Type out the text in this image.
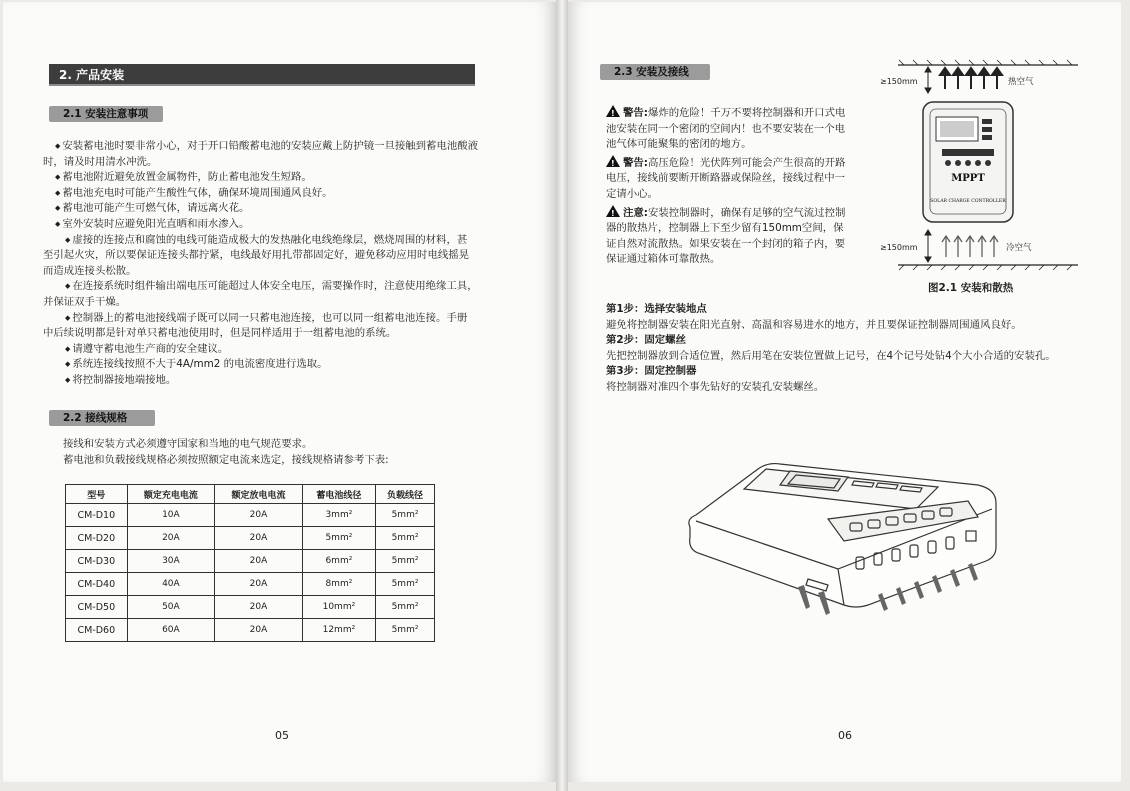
2. 产品安装
2.1 安装注意事项

◆ 安装蓄电池时要非常小心，对于开口铅酸蓄电池的安装应戴上防护镜一旦接触到蓄电池酸液

时，请及时用清水冲洗。

◆ 蓄电池附近避免放置金属物件，防止蓄电池发生短路。

◆ 蓄电池充电时可能产生酸性气体，确保环境周围通风良好。

◆ 蓄电池可能产生可燃气体，请远离火花。

◆ 室外安装时应避免阳光直晒和雨水渗入。

◆ 虚接的连接点和腐蚀的电线可能造成极大的发热融化电线绝缘层，燃烧周围的材料，甚

至引起火灾，所以要保证连接头都拧紧，电线最好用扎带都固定好，避免移动应用时电线摇晃

而造成连接头松散。

◆ 在连接系统时组件输出端电压可能超过人体安全电压，需要操作时，注意使用绝缘工具，

并保证双手干燥。

◆ 控制器上的蓄电池接线端子既可以同一只蓄电池连接，也可以同一组蓄电池连接。手册

中后续说明都是针对单只蓄电池使用时，但是同样适用于一组蓄电池的系统。

◆ 请遵守蓄电池生产商的安全建议。

◆ 系统连接线按照不大于4A/mm2 的电流密度进行选取。

◆ 将控制器接地端接地。

2.2 接线规格

接线和安装方式必须遵守国家和当地的电气规范要求。

蓄电池和负载接线规格必须按照额定电流来选定，接线规格请参考下表:

型号	额定充电电流	额定放电电流	蓄电池线径	负载线径
CM-D10	10A	20A	3mm²	5mm²
CM-D20	20A	20A	5mm²	5mm²
CM-D30	30A	20A	6mm²	5mm²
CM-D40	40A	20A	8mm²	5mm²
CM-D50	50A	20A	10mm²	5mm²
CM-D60	60A	20A	12mm²	5mm²
05
2.3 安装及接线

!警告:爆炸的危险！千万不要将控制器和开口式电池安装在同一个密闭的空间内！也不要安装在一个电池气体可能聚集的密闭的地方。

!警告:高压危险！光伏阵列可能会产生很高的开路电压，接线前要断开断路器或保险丝，接线过程中一定请小心。

!注意:安装控制器时，确保有足够的空气流过控制器的散热片，控制器上下至少留有150mm空间，保证自然对流散热。如果安装在一个封闭的箱子内，要保证通过箱体可靠散热。

≥150mm	热空气
MPPT
SOLAR CHARGE CONTROLLER
≥150mm	冷空气
图2.1 安装和散热

第1步：选择安装地点

避免将控制器安装在阳光直射、高温和容易进水的地方，并且要保证控制器周围通风良好。

第2步：固定螺丝

先把控制器放到合适位置，然后用笔在安装位置做上记号，在4个记号处钻4个大小合适的安装孔。

第3步：固定控制器

将控制器对准四个事先钻好的安装孔安装螺丝。

06
